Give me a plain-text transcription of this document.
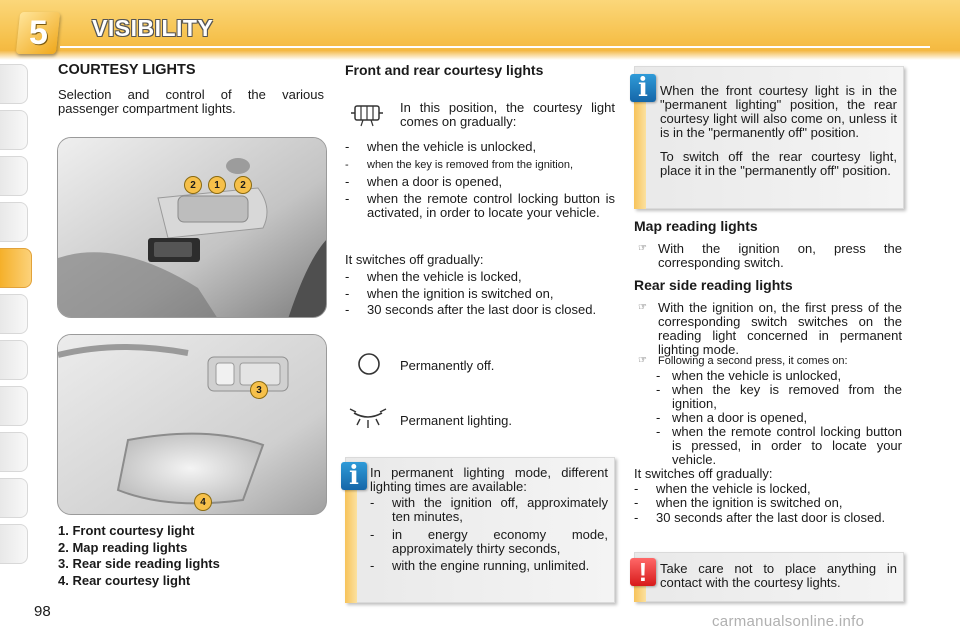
5 VISIBILITY
COURTESY LIGHTS
Selection and control of the various passenger compartment lights.
2	1	2
3
4
1. Front courtesy light
2. Map reading lights
3. Rear side reading lights
4. Rear courtesy light
Front and rear courtesy lights
In this position, the courtesy light comes on gradually:
- when the vehicle is unlocked,
- when the key is removed from the ignition,
- when a door is opened,
- when the remote control locking button is activated, in order to locate your vehicle.
It switches off gradually:
- when the vehicle is locked,
- when the ignition is switched on,
- 30 seconds after the last door is closed.
Permanently off.
Permanent lighting.
i In permanent lighting mode, different lighting times are available:
- with the ignition off, approximately ten minutes,
- in energy economy mode, approximately thirty seconds,
- with the engine running, unlimited.
i When the front courtesy light is in the "permanent lighting" position, the rear courtesy light will also come on, unless it is in the "permanently off" position.
To switch off the rear courtesy light, place it in the "permanently off" position.
Map reading lights
☞ With the ignition on, press the corresponding switch.
Rear side reading lights
☞ With the ignition on, the first press of the corresponding switch switches on the reading light concerned in permanent lighting mode.
☞ Following a second press, it comes on:
- when the vehicle is unlocked,
- when the key is removed from the ignition,
- when a door is opened,
- when the remote control locking button is pressed, in order to locate your vehicle.
It switches off gradually:
- when the vehicle is locked,
- when the ignition is switched on,
- 30 seconds after the last door is closed.
! Take care not to place anything in contact with the courtesy lights.
98
carmanualsonline.info
